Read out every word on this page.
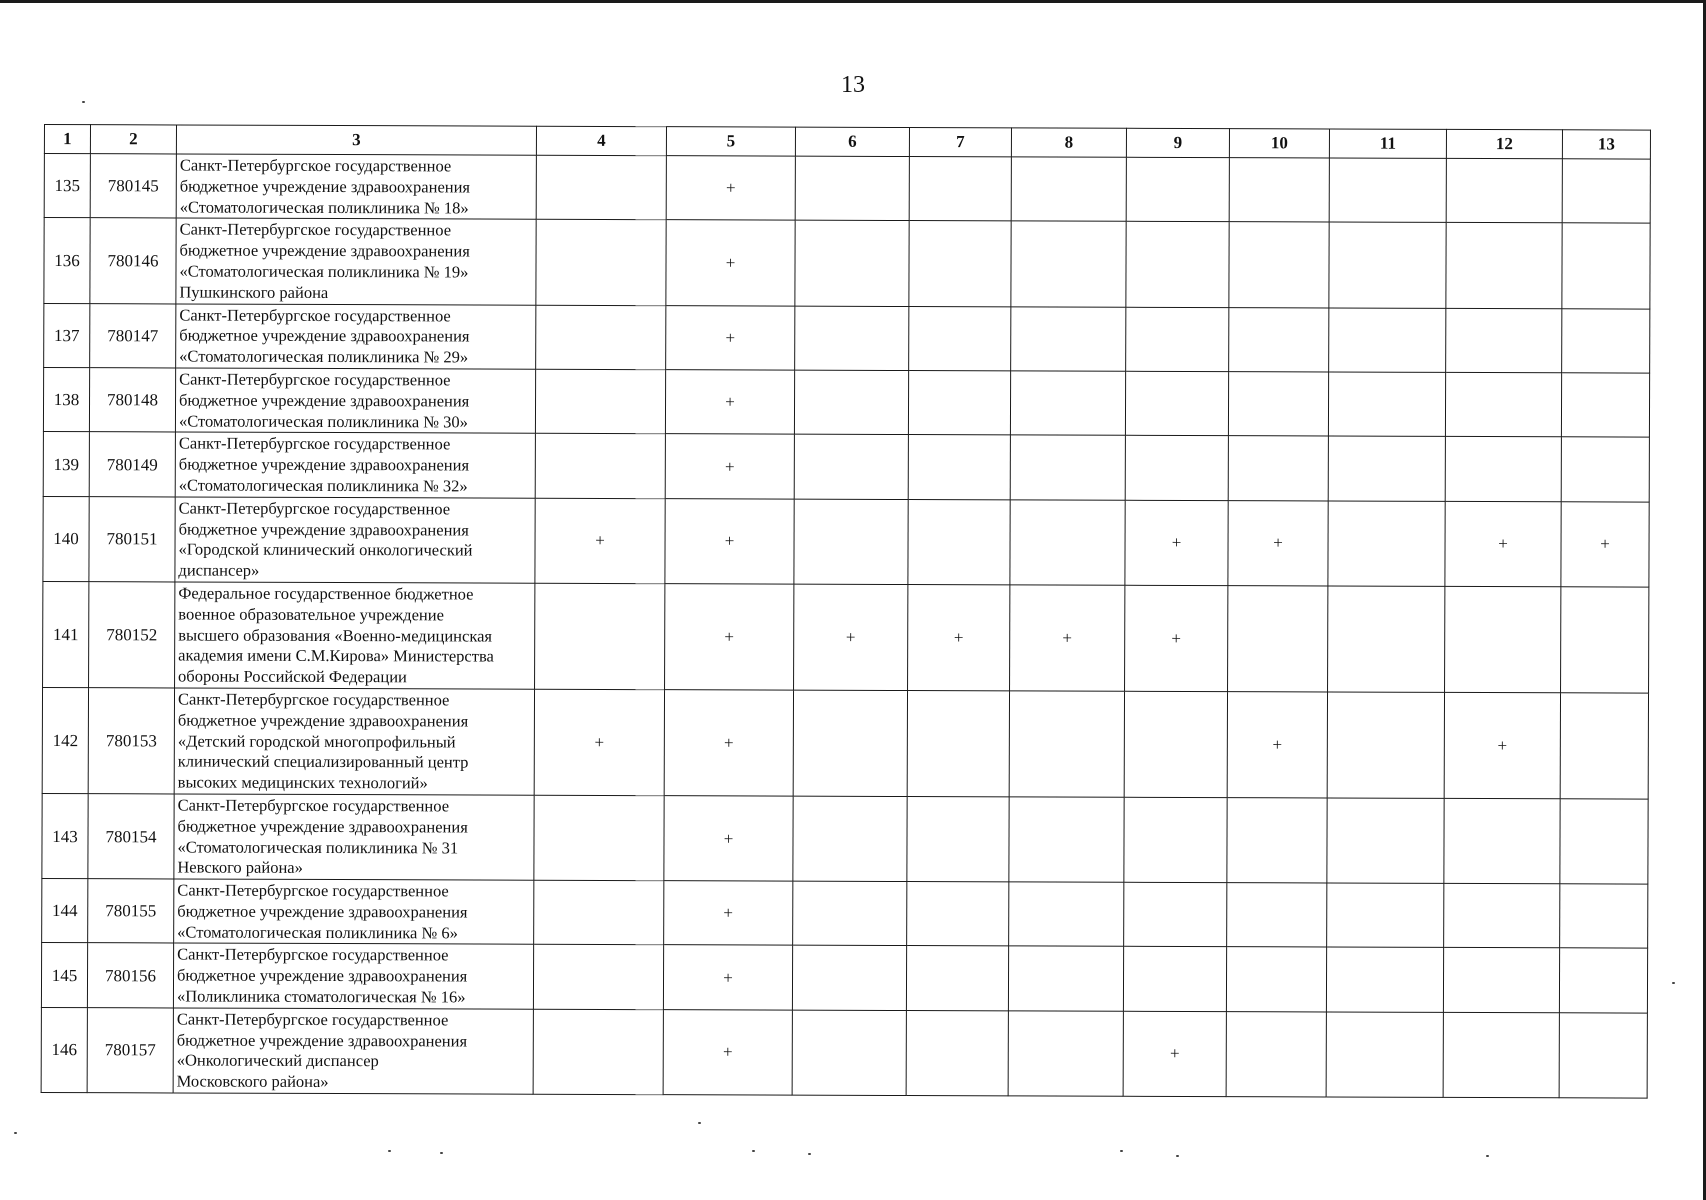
13
1	2	3	4	5	6	7	8	9	10	11	12	13
135	780145	Санкт-Петербургское государственное
бюджетное учреждение здравоохранения
«Стоматологическая поликлиника № 18»		+								
136	780146	Санкт-Петербургское государственное
бюджетное учреждение здравоохранения
«Стоматологическая поликлиника № 19»
Пушкинского района		+								
137	780147	Санкт-Петербургское государственное
бюджетное учреждение здравоохранения
«Стоматологическая поликлиника № 29»		+								
138	780148	Санкт-Петербургское государственное
бюджетное учреждение здравоохранения
«Стоматологическая поликлиника № 30»		+								
139	780149	Санкт-Петербургское государственное
бюджетное учреждение здравоохранения
«Стоматологическая поликлиника № 32»		+								
140	780151	Санкт-Петербургское государственное
бюджетное учреждение здравоохранения
«Городской клинический онкологический
диспансер»	+	+				+	+		+	+
141	780152	Федеральное государственное бюджетное
военное образовательное учреждение
высшего образования «Военно-медицинская
академия имени С.М.Кирова» Министерства
обороны Российской Федерации		+	+	+	+	+				
142	780153	Санкт-Петербургское государственное
бюджетное учреждение здравоохранения
«Детский городской многопрофильный
клинический специализированный центр
высоких медицинских технологий»	+	+					+		+	
143	780154	Санкт-Петербургское государственное
бюджетное учреждение здравоохранения
«Стоматологическая поликлиника № 31
Невского района»		+								
144	780155	Санкт-Петербургское государственное
бюджетное учреждение здравоохранения
«Стоматологическая поликлиника № 6»		+								
145	780156	Санкт-Петербургское государственное
бюджетное учреждение здравоохранения
«Поликлиника стоматологическая № 16»		+								
146	780157	Санкт-Петербургское государственное
бюджетное учреждение здравоохранения
«Онкологический диспансер
Московского района»		+				+				
